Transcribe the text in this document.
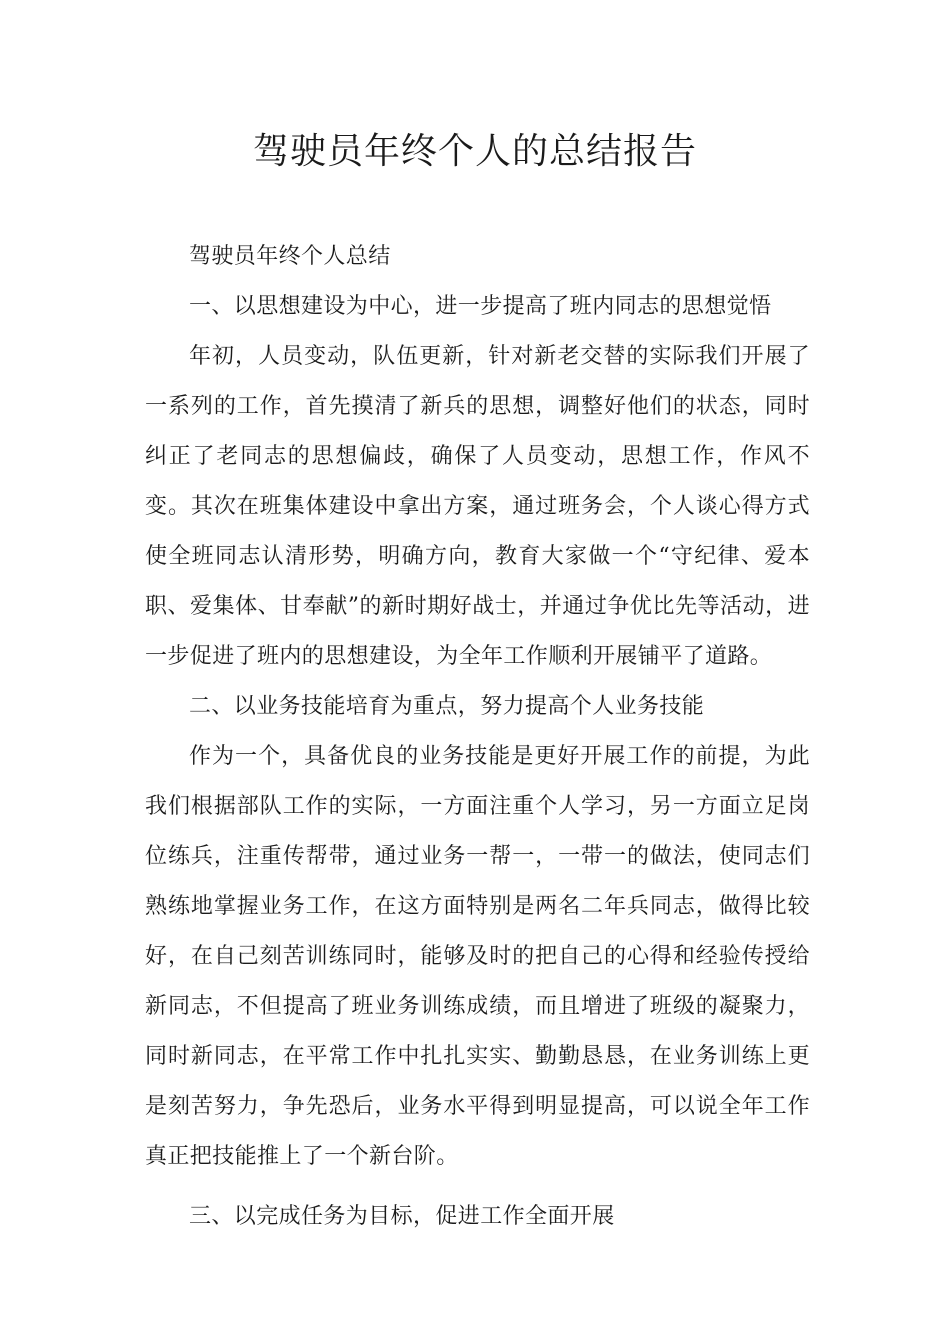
驾驶员年终个人的总结报告

驾驶员年终个人总结

一、以思想建设为中心，进一步提高了班内同志的思想觉悟

年初，人员变动，队伍更新，针对新老交替的实际我们开展了一系列的工作，首先摸清了新兵的思想，调整好他们的状态，同时纠正了老同志的思想偏歧，确保了人员变动，思想工作，作风不变。其次在班集体建设中拿出方案，通过班务会，个人谈心得方式使全班同志认清形势，明确方向，教育大家做一个“守纪律、爱本职、爱集体、甘奉献”的新时期好战士，并通过争优比先等活动，进一步促进了班内的思想建设，为全年工作顺利开展铺平了道路。

二、以业务技能培育为重点，努力提高个人业务技能

作为一个，具备优良的业务技能是更好开展工作的前提，为此我们根据部队工作的实际，一方面注重个人学习，另一方面立足岗位练兵，注重传帮带，通过业务一帮一，一带一的做法，使同志们熟练地掌握业务工作，在这方面特别是两名二年兵同志，做得比较好，在自己刻苦训练同时，能够及时的把自己的心得和经验传授给新同志，不但提高了班业务训练成绩，而且增进了班级的凝聚力，同时新同志，在平常工作中扎扎实实、勤勤恳恳，在业务训练上更是刻苦努力，争先恐后，业务水平得到明显提高，可以说全年工作真正把技能推上了一个新台阶。

三、以完成任务为目标，促进工作全面开展
